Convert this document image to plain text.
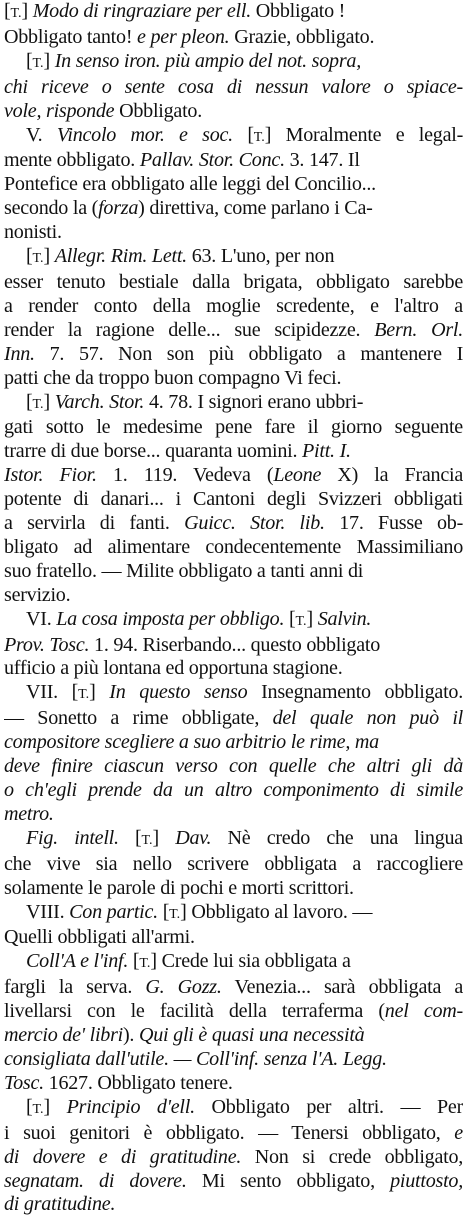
[T.] Modo di ringraziare per ell. Obbligato !
Obbligato tanto! e per pleon. Grazie, obbligato.
[T.] In senso iron. più ampio del not. sopra,
chi riceve o sente cosa di nessun valore o spiace-
vole, risponde Obbligato.
V. Vincolo mor. e soc. [T.] Moralmente e legal-
mente obbligato. Pallav. Stor. Conc. 3. 147. Il
Pontefice era obbligato alle leggi del Concilio...
secondo la (forza) direttiva, come parlano i Ca-
nonisti.
[T.] Allegr. Rim. Lett. 63. L'uno, per non
esser tenuto bestiale dalla brigata, obbligato sarebbe
a render conto della moglie scredente, e l'altro a
render la ragione delle... sue scipidezze. Bern. Orl.
Inn. 7. 57. Non son più obbligato a mantenere I
patti che da troppo buon compagno Vi feci.
[T.] Varch. Stor. 4. 78. I signori erano ubbri-
gati sotto le medesime pene fare il giorno seguente
trarre di due borse... quaranta uomini. Pitt. I.
Istor. Fior. 1. 119. Vedeva (Leone X) la Francia
potente di danari... i Cantoni degli Svizzeri obbligati
a servirla di fanti. Guicc. Stor. lib. 17. Fusse ob-
bligato ad alimentare condecentemente Massimiliano
suo fratello. — Milite obbligato a tanti anni di
servizio.
VI. La cosa imposta per obbligo. [T.] Salvin.
Prov. Tosc. 1. 94. Riserbando... questo obbligato
ufficio a più lontana ed opportuna stagione.
VII. [T.] In questo senso Insegnamento obbligato.
— Sonetto a rime obbligate, del quale non può il
compositore scegliere a suo arbitrio le rime, ma
deve finire ciascun verso con quelle che altri gli dà
o ch'egli prende da un altro componimento di simile
metro.
Fig. intell. [T.] Dav. Nè credo che una lingua
che vive sia nello scrivere obbligata a raccogliere
solamente le parole di pochi e morti scrittori.
VIII. Con partic. [T.] Obbligato al lavoro. —
Quelli obbligati all'armi.
Coll'A e l'inf. [T.] Crede lui sia obbligata a
fargli la serva. G. Gozz. Venezia... sarà obbligata a
livellarsi con le facilità della terraferma (nel com-
mercio de' libri). Qui gli è quasi una necessità
consigliata dall'utile. — Coll'inf. senza l'A. Legg.
Tosc. 1627. Obbligato tenere.
[T.] Principio d'ell. Obbligato per altri. — Per
i suoi genitori è obbligato. — Tenersi obbligato, e
di dovere e di gratitudine. Non si crede obbligato,
segnatam. di dovere. Mi sento obbligato, piuttosto,
di gratitudine.
